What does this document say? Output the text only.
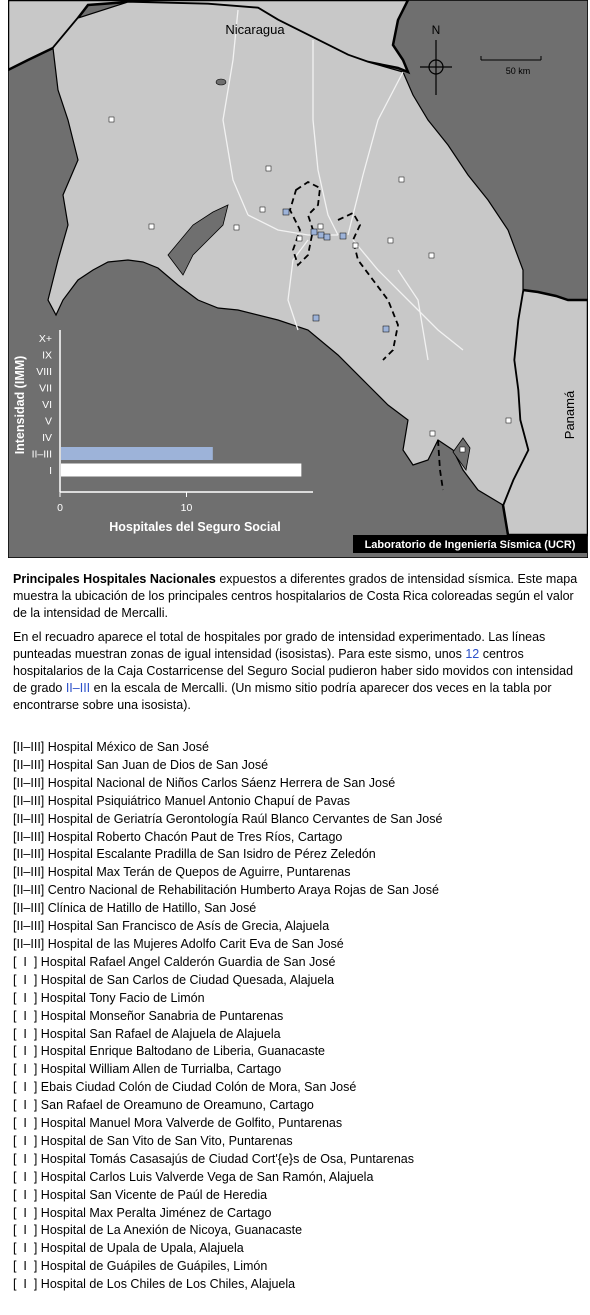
Nicaragua
Panamá
N
50 km
Intensidad (IMM)
Hospitales del Seguro Social
X+
IX
VIII
VII
VI
V
IV
II–III
I
0	10
Laboratorio de Ingeniería Sísmica (UCR)
Principales Hospitales Nacionales expuestos a diferentes grados de intensidad sísmica. Este mapa muestra la ubicación de los principales centros hospitalarios de Costa Rica coloreadas según el valor de la intensidad de Mercalli.
En el recuadro aparece el total de hospitales por grado de intensidad experimentado. Las líneas punteadas muestran zonas de igual intensidad (isosistas). Para este sismo, unos 12 centros hospitalarios de la Caja Costarricense del Seguro Social pudieron haber sido movidos con intensidad de grado II–III en la escala de Mercalli. (Un mismo sitio podría aparecer dos veces en la tabla por encontrarse sobre una isosista).
[II–III] Hospital México de San José
[II–III] Hospital San Juan de Dios de San José
[II–III] Hospital Nacional de Niños Carlos Sáenz Herrera de San José
[II–III] Hospital Psiquiátrico Manuel Antonio Chapuí de Pavas
[II–III] Hospital de Geriatría Gerontología Raúl Blanco Cervantes de San José
[II–III] Hospital Roberto Chacón Paut de Tres Ríos, Cartago
[II–III] Hospital Escalante Pradilla de San Isidro de Pérez Zeledón
[II–III] Hospital Max Terán de Quepos de Aguirre, Puntarenas
[II–III] Centro Nacional de Rehabilitación Humberto Araya Rojas de San José
[II–III] Clínica de Hatillo de Hatillo, San José
[II–III] Hospital San Francisco de Asís de Grecia, Alajuela
[II–III] Hospital de las Mujeres Adolfo Carit Eva de San José
[  I  ] Hospital Rafael Angel Calderón Guardia de San José
[  I  ] Hospital de San Carlos de Ciudad Quesada, Alajuela
[  I  ] Hospital Tony Facio de Limón
[  I  ] Hospital Monseñor Sanabria de Puntarenas
[  I  ] Hospital San Rafael de Alajuela de Alajuela
[  I  ] Hospital Enrique Baltodano de Liberia, Guanacaste
[  I  ] Hospital William Allen de Turrialba, Cartago
[  I  ] Ebais Ciudad Colón de Ciudad Colón de Mora, San José
[  I  ] San Rafael de Oreamuno de Oreamuno, Cartago
[  I  ] Hospital Manuel Mora Valverde de Golfito, Puntarenas
[  I  ] Hospital de San Vito de San Vito, Puntarenas
[  I  ] Hospital Tomás Casasajús de Ciudad Cort'{e}s de Osa, Puntarenas
[  I  ] Hospital Carlos Luis Valverde Vega de San Ramón, Alajuela
[  I  ] Hospital San Vicente de Paúl de Heredia
[  I  ] Hospital Max Peralta Jiménez de Cartago
[  I  ] Hospital de La Anexión de Nicoya, Guanacaste
[  I  ] Hospital de Upala de Upala, Alajuela
[  I  ] Hospital de Guápiles de Guápiles, Limón
[  I  ] Hospital de Los Chiles de Los Chiles, Alajuela
